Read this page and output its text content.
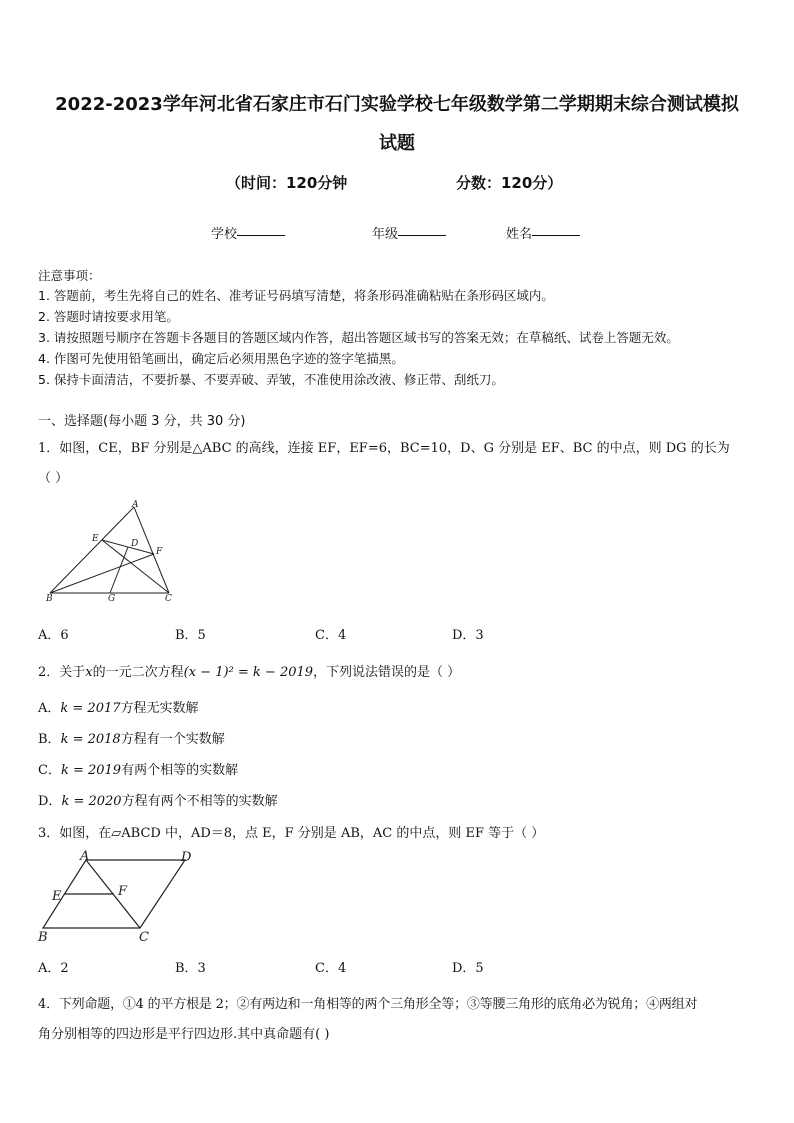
2022-2023学年河北省石家庄市石门实验学校七年级数学第二学期期末综合测试模拟
试题
（时间：120分钟	分数：120分）
学校	年级	姓名
注意事项：
1. 答题前，考生先将自己的姓名、准考证号码填写清楚，将条形码准确粘贴在条形码区域内。
2. 答题时请按要求用笔。
3. 请按照题号顺序在答题卡各题目的答题区域内作答，超出答题区域书写的答案无效；在草稿纸、试卷上答题无效。
4. 作图可先使用铅笔画出，确定后必须用黑色字迹的签字笔描黑。
5. 保持卡面清洁，不要折暴、不要弄破、弄皱，不准使用涂改液、修正带、刮纸刀。
一、选择题(每小题 3 分，共 30 分)
1．如图，CE，BF 分别是△ABC 的高线，连接 EF，EF=6，BC=10，D、G 分别是 EF、BC 的中点，则 DG 的长为
（ ）
A
E	D
F
B	G	C
A．6	B．5	C．4	D．3
2．关于x的一元二次方程(x − 1)² = k − 2019，下列说法错误的是（ ）
A．k = 2017方程无实数解
B．k = 2018方程有一个实数解
C．k = 2019有两个相等的实数解
D．k = 2020方程有两个不相等的实数解
3．如图，在▱ABCD 中，AD＝8，点 E，F 分别是 AB，AC 的中点，则 EF 等于（ ）
A	D
E	F
B	C
A．2	B．3	C．4	D．5
4．下列命题，①4 的平方根是 2；②有两边和一角相等的两个三角形全等；③等腰三角形的底角必为锐角；④两组对
角分别相等的四边形是平行四边形.其中真命题有( )
